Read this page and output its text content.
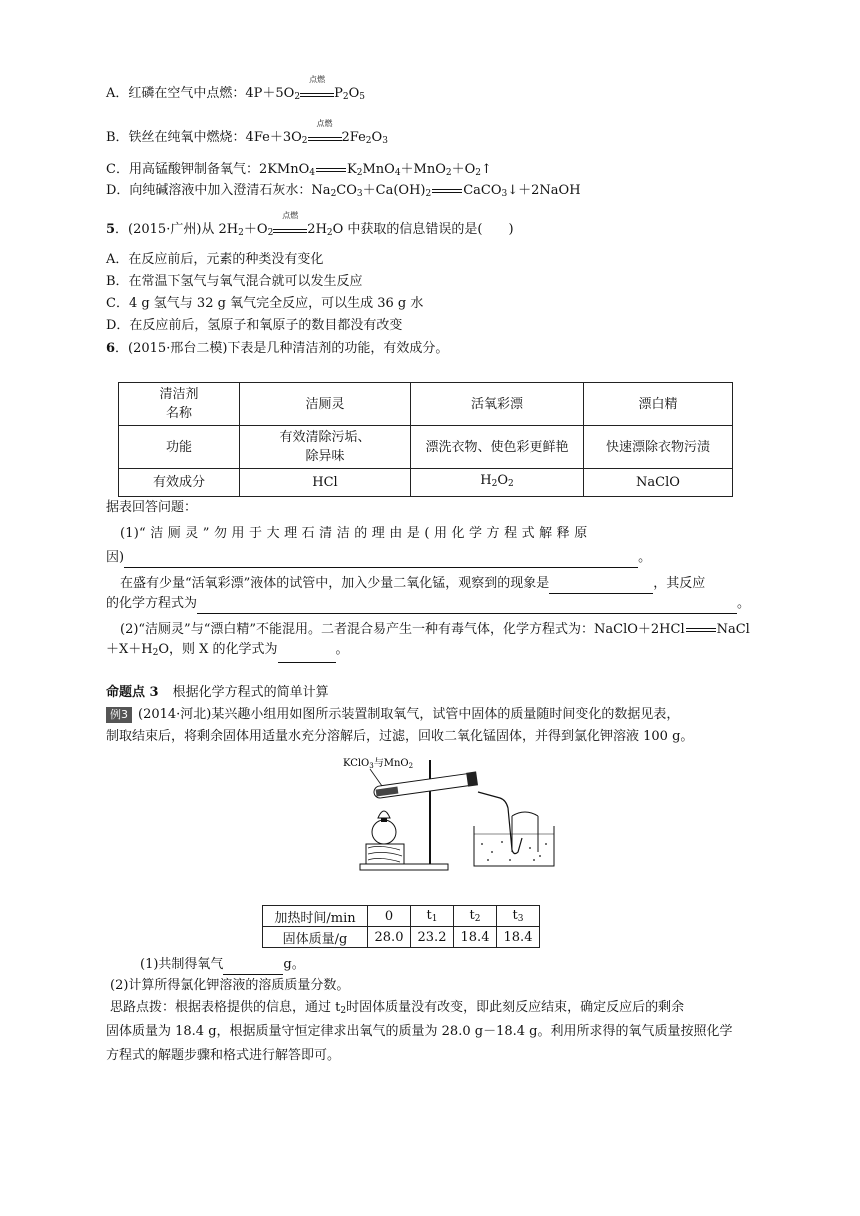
A．红磷在空气中点燃：$4P+5O_2$
点燃
$P_2O_5$
B．铁丝在纯氧中燃烧：$4Fe+3O_2$
点燃
$2Fe_2O_3$
C．用高锰酸钾制备氧气：2KMnO$_4$ $K_2MnO_4+MnO_2+O_2↑$
D．向纯碱溶液中加入澄清石灰水：$Na_2CO_3+Ca(OH)_2$ CaCO$_3$↓＋2NaOH
5．(2015·广州)从 $2H_2+O_2$
点燃
$2H_2O$ 中获取的信息错误的是(　　)
A．在反应前后，元素的种类没有变化
B．在常温下氢气与氧气混合就可以发生反应
C．4 g 氢气与 32 g 氧气完全反应，可以生成 36 g 水
D．在反应前后，氢原子和氧原子的数目都没有改变
6．(2015·邢台二模)下表是几种清洁剂的功能，有效成分。
清洁剂
名称	洁厕灵	活氧彩漂	漂白精
功能	有效清除污垢、
除异味	漂洗衣物、使色彩更鲜艳	快速漂除衣物污渍
有效成分	HCl	$H_2O_2$	NaClO
据表回答问题：
(1)“ 洁 厕 灵 ” 勿 用 于 大 理 石 清 洁 的 理 由 是 ( 用 化 学 方 程 式 解 释 原
因)	。
在盛有少量“活氧彩漂”液体的试管中，加入少量二氧化锰，观察到的现象是	，其反应
的化学方程式为	。
(2)“洁厕灵”与“漂白精”不能混用。二者混合易产生一种有毒气体，化学方程式为：NaClO＋2HCl NaCl
$+X+H_2O$，则 X 的化学式为	。
命题点 3 根据化学方程式的简单计算
例3 (2014·河北)某兴趣小组用如图所示装置制取氧气，试管中固体的质量随时间变化的数据见表，
制取结束后，将剩余固体用适量水充分溶解后，过滤，回收二氧化锰固体，并得到氯化钾溶液 100 g。
KClO$_3$与MnO$_2$
加热时间/min	0	$t_1$	$t_2$	$t_3$
固体质量/g	28.0	23.2	18.4	18.4
(1)共制得氧气	g。
(2)计算所得氯化钾溶液的溶质质量分数。
思路点拨：根据表格提供的信息，通过 $t_2$时固体质量没有改变，即此刻反应结束，确定反应后的剩余
固体质量为 18.4 g，根据质量守恒定律求出氧气的质量为 28.0 g－18.4 g。利用所求得的氧气质量按照化学
方程式的解题步骤和格式进行解答即可。
